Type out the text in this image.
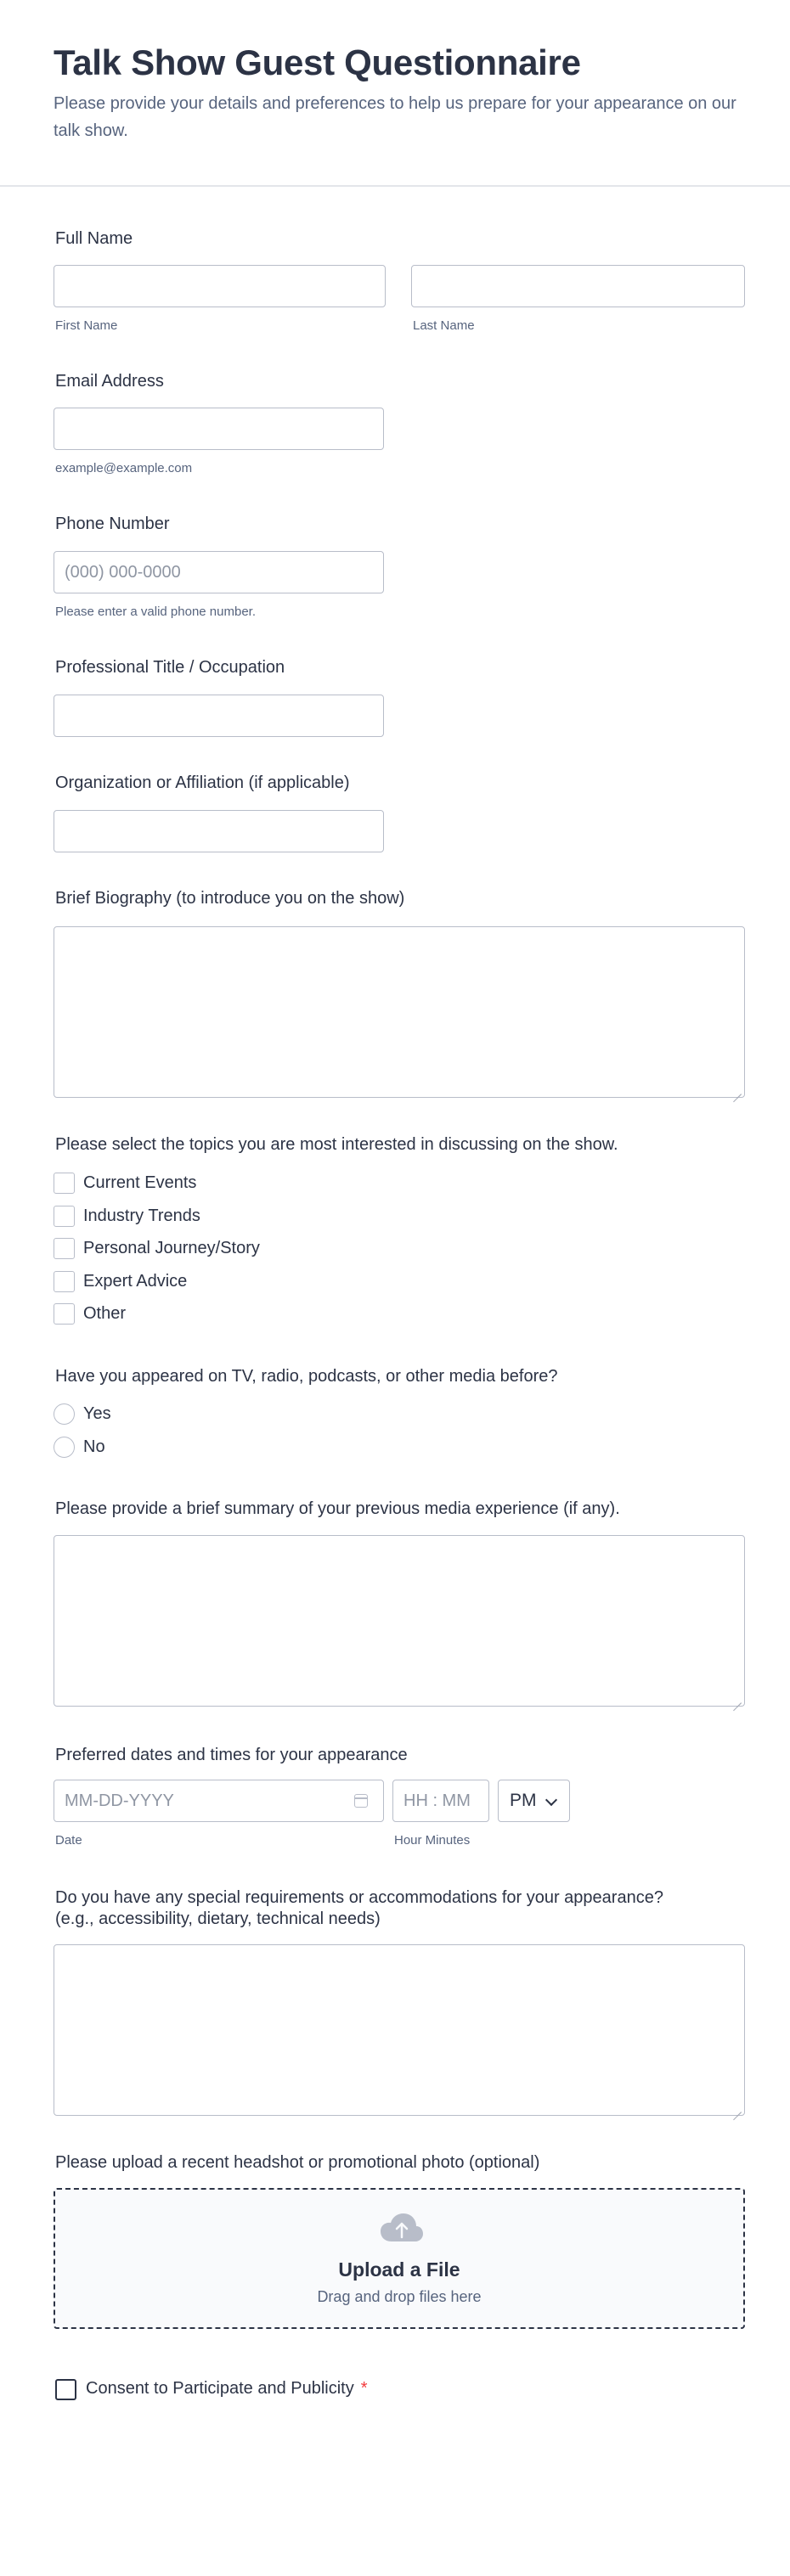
Talk Show Guest Questionnaire

Please provide your details and preferences to help us prepare for your appearance on our talk show.

Full Name
First Name	Last Name
Email Address
example@example.com
Phone Number
(000) 000-0000
Please enter a valid phone number.
Professional Title / Occupation
Organization or Affiliation (if applicable)
Brief Biography (to introduce you on the show)
Please select the topics you are most interested in discussing on the show.
Current Events
Industry Trends
Personal Journey/Story
Expert Advice
Other
Have you appeared on TV, radio, podcasts, or other media before?
Yes
No
Please provide a brief summary of your previous media experience (if any).
Preferred dates and times for your appearance
MM-DD-YYYY
HH : MM
PM
Date	Hour Minutes
Do you have any special requirements or accommodations for your appearance?
(e.g., accessibility, dietary, technical needs)
Please upload a recent headshot or promotional photo (optional)
Upload a File
Drag and drop files here
Consent to Participate and Publicity *
